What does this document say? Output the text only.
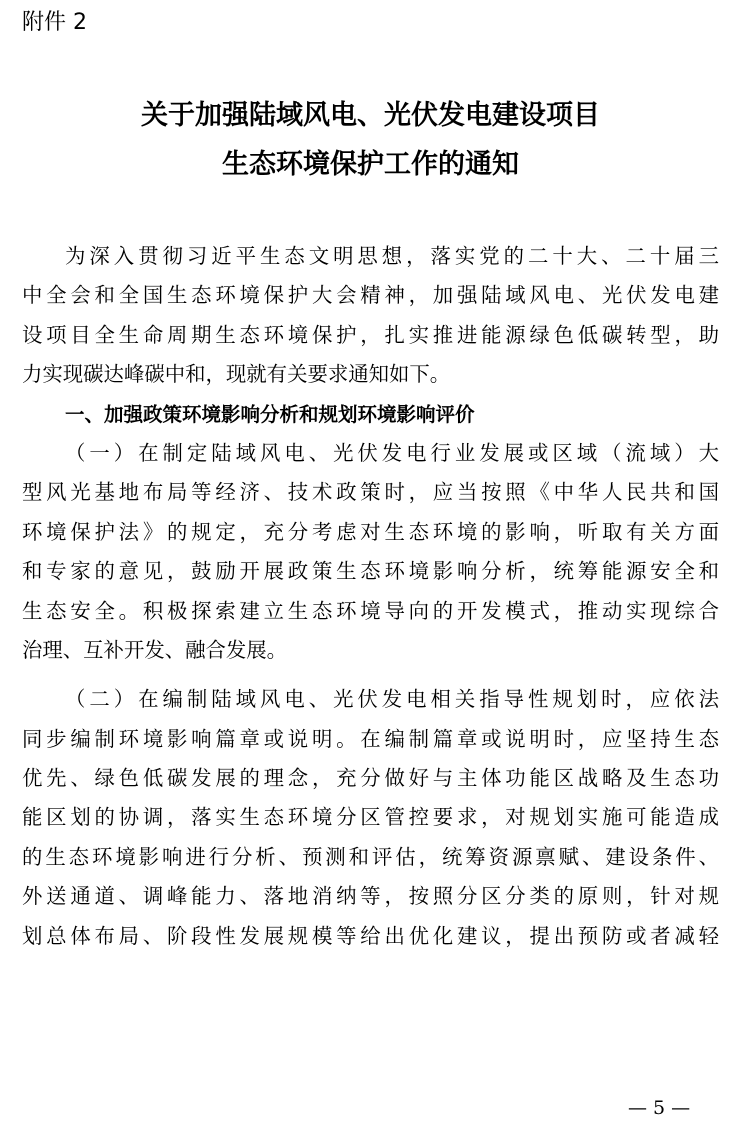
附件 2
关于加强陆域风电、光伏发电建设项目
生态环境保护工作的通知
为深入贯彻习近平生态文明思想，落实党的二十大、二十届三
中全会和全国生态环境保护大会精神，加强陆域风电、光伏发电建
设项目全生命周期生态环境保护，扎实推进能源绿色低碳转型，助
力实现碳达峰碳中和，现就有关要求通知如下。
一、加强政策环境影响分析和规划环境影响评价
（一）在制定陆域风电、光伏发电行业发展或区域（流域）大
型风光基地布局等经济、技术政策时，应当按照《中华人民共和国
环境保护法》的规定，充分考虑对生态环境的影响，听取有关方面
和专家的意见，鼓励开展政策生态环境影响分析，统筹能源安全和
生态安全。积极探索建立生态环境导向的开发模式，推动实现综合
治理、互补开发、融合发展。
（二）在编制陆域风电、光伏发电相关指导性规划时，应依法
同步编制环境影响篇章或说明。在编制篇章或说明时，应坚持生态
优先、绿色低碳发展的理念，充分做好与主体功能区战略及生态功
能区划的协调，落实生态环境分区管控要求，对规划实施可能造成
的生态环境影响进行分析、预测和评估，统筹资源禀赋、建设条件、
外送通道、调峰能力、落地消纳等，按照分区分类的原则，针对规
划总体布局、阶段性发展规模等给出优化建议，提出预防或者减轻
— 5 —
